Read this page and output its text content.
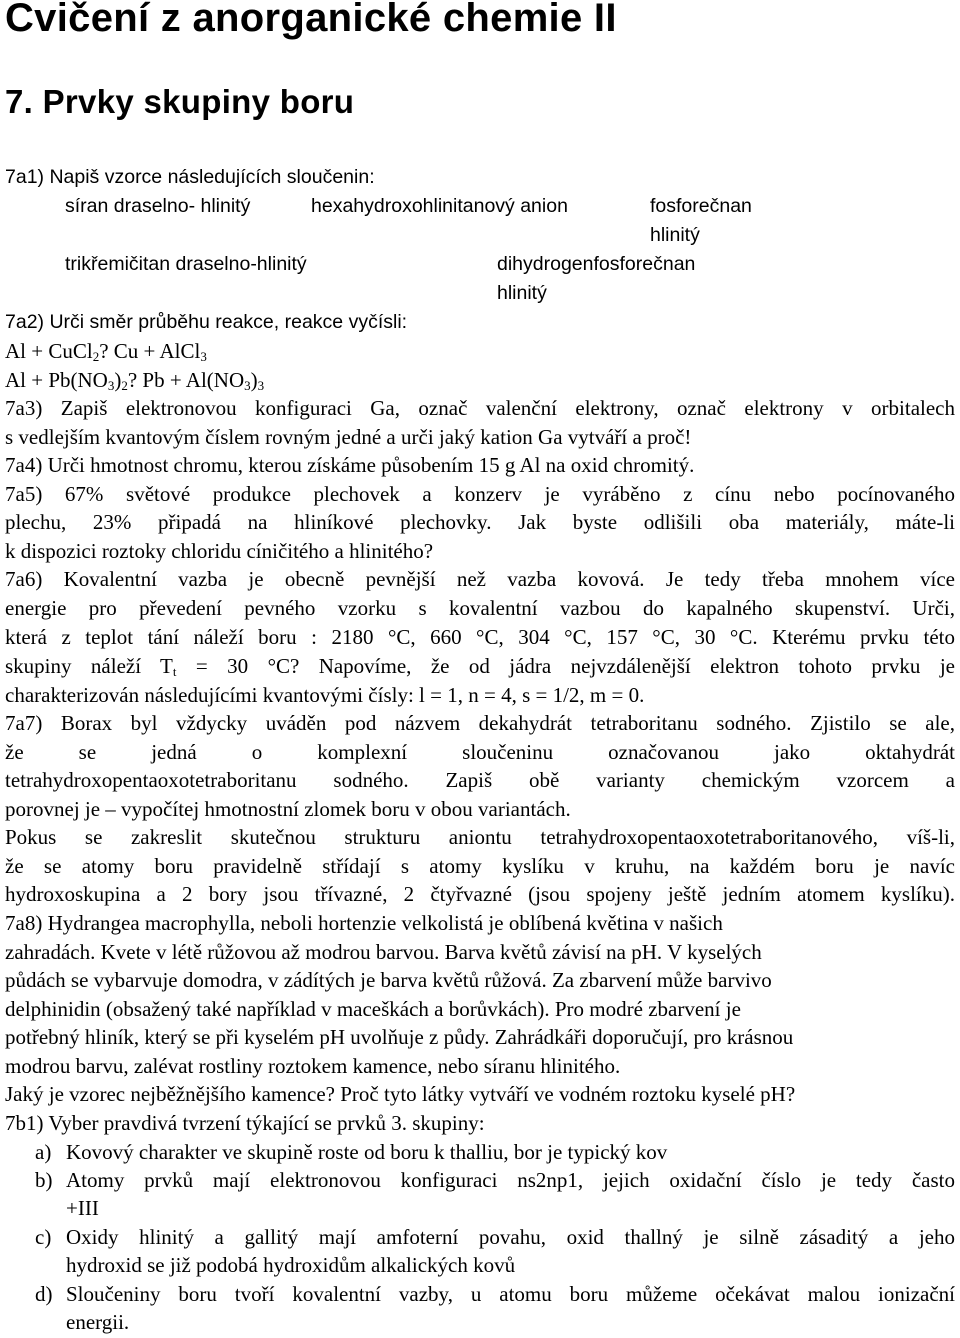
Cvičení z anorganické chemie II
7. Prvky skupiny boru
7a1) Napiš vzorce následujících sloučenin:
síran draselno- hlinitý	hexahydroxohlinitanový anion	fosforečnan
hlinitý
trikřemičitan draselno-hlinitý	dihydrogenfosforečnan
hlinitý
7a2) Urči směr průběhu reakce, reakce vyčísli:
Al + CuCl$_2$? Cu + AlCl$_3$
$Al + Pb(NO_3)_2$? $Pb + Al(NO_3)_3$
7a3) Zapiš elektronovou konfiguraci Ga, označ valenční elektrony, označ elektrony v orbitalech
s vedlejším kvantovým číslem rovným jedné a urči jaký kation Ga vytváří a proč!
7a4) Urči hmotnost chromu, kterou získáme působením 15 g Al na oxid chromitý.
7a5) 67% světové produkce plechovek a konzerv je vyráběno z cínu nebo pocínovaného
plechu, 23% připadá na hliníkové plechovky. Jak byste odlišili oba materiály, máte-li
k dispozici roztoky chloridu cíničitého a hlinitého?
7a6) Kovalentní vazba je obecně pevnější než vazba kovová. Je tedy třeba mnohem více
energie pro převedení pevného vzorku s kovalentní vazbou do kapalného skupenství. Urči,
která z teplot tání náleží boru : 2180 °C, 660 °C, 304 °C, 157 °C, 30 °C. Kterému prvku této
skupiny náleží $T_t = 30$ °C? Napovíme, že od jádra nejvzdálenější elektron tohoto prvku je
charakterizován následujícími kvantovými čísly: l = 1, n = 4, s = 1/2, m = 0.
7a7) Borax byl vždycky uváděn pod názvem dekahydrát tetraboritanu sodného. Zjistilo se ale,
že se jedná o komplexní sloučeninu označovanou jako oktahydrát
tetrahydroxopentaoxotetraboritanu sodného. Zapiš obě varianty chemickým vzorcem a
porovnej je – vypočítej hmotnostní zlomek boru v obou variantách.
Pokus se zakreslit skutečnou strukturu aniontu tetrahydroxopentaoxotetraboritanového, víš-li,
že se atomy boru pravidelně střídají s atomy kyslíku v kruhu, na každém boru je navíc
hydroxoskupina a 2 bory jsou třívazné, 2 čtyřvazné (jsou spojeny ještě jedním atomem kyslíku).
7a8) Hydrangea macrophylla, neboli hortenzie velkolistá je oblíbená květina v našich
zahradách. Kvete v létě růžovou až modrou barvou. Barva květů závisí na pH. V kyselých
půdách se vybarvuje domodra, v zádítých je barva květů růžová. Za zbarvení může barvivo
delphinidin (obsažený také například v maceškách a borůvkách). Pro modré zbarvení je
potřebný hliník, který se při kyselém pH uvolňuje z půdy. Zahrádkáři doporučují, pro krásnou
modrou barvu, zalévat rostliny roztokem kamence, nebo síranu hlinitého.
Jaký je vzorec nejběžnějšího kamence? Proč tyto látky vytváří ve vodném roztoku kyselé pH?
7b1) Vyber pravdivá tvrzení týkající se prvků 3. skupiny:
a) Kovový charakter ve skupině roste od boru k thalliu, bor je typický kov
b) Atomy prvků mají elektronovou konfiguraci ns2np1, jejich oxidační číslo je tedy často
+III
c) Oxidy hlinitý a gallitý mají amfoterní povahu, oxid thallný je silně zásaditý a jeho
hydroxid se již podobá hydroxidům alkalických kovů
d) Sloučeniny boru tvoří kovalentní vazby, u atomu boru můžeme očekávat malou ionizační
energii.
